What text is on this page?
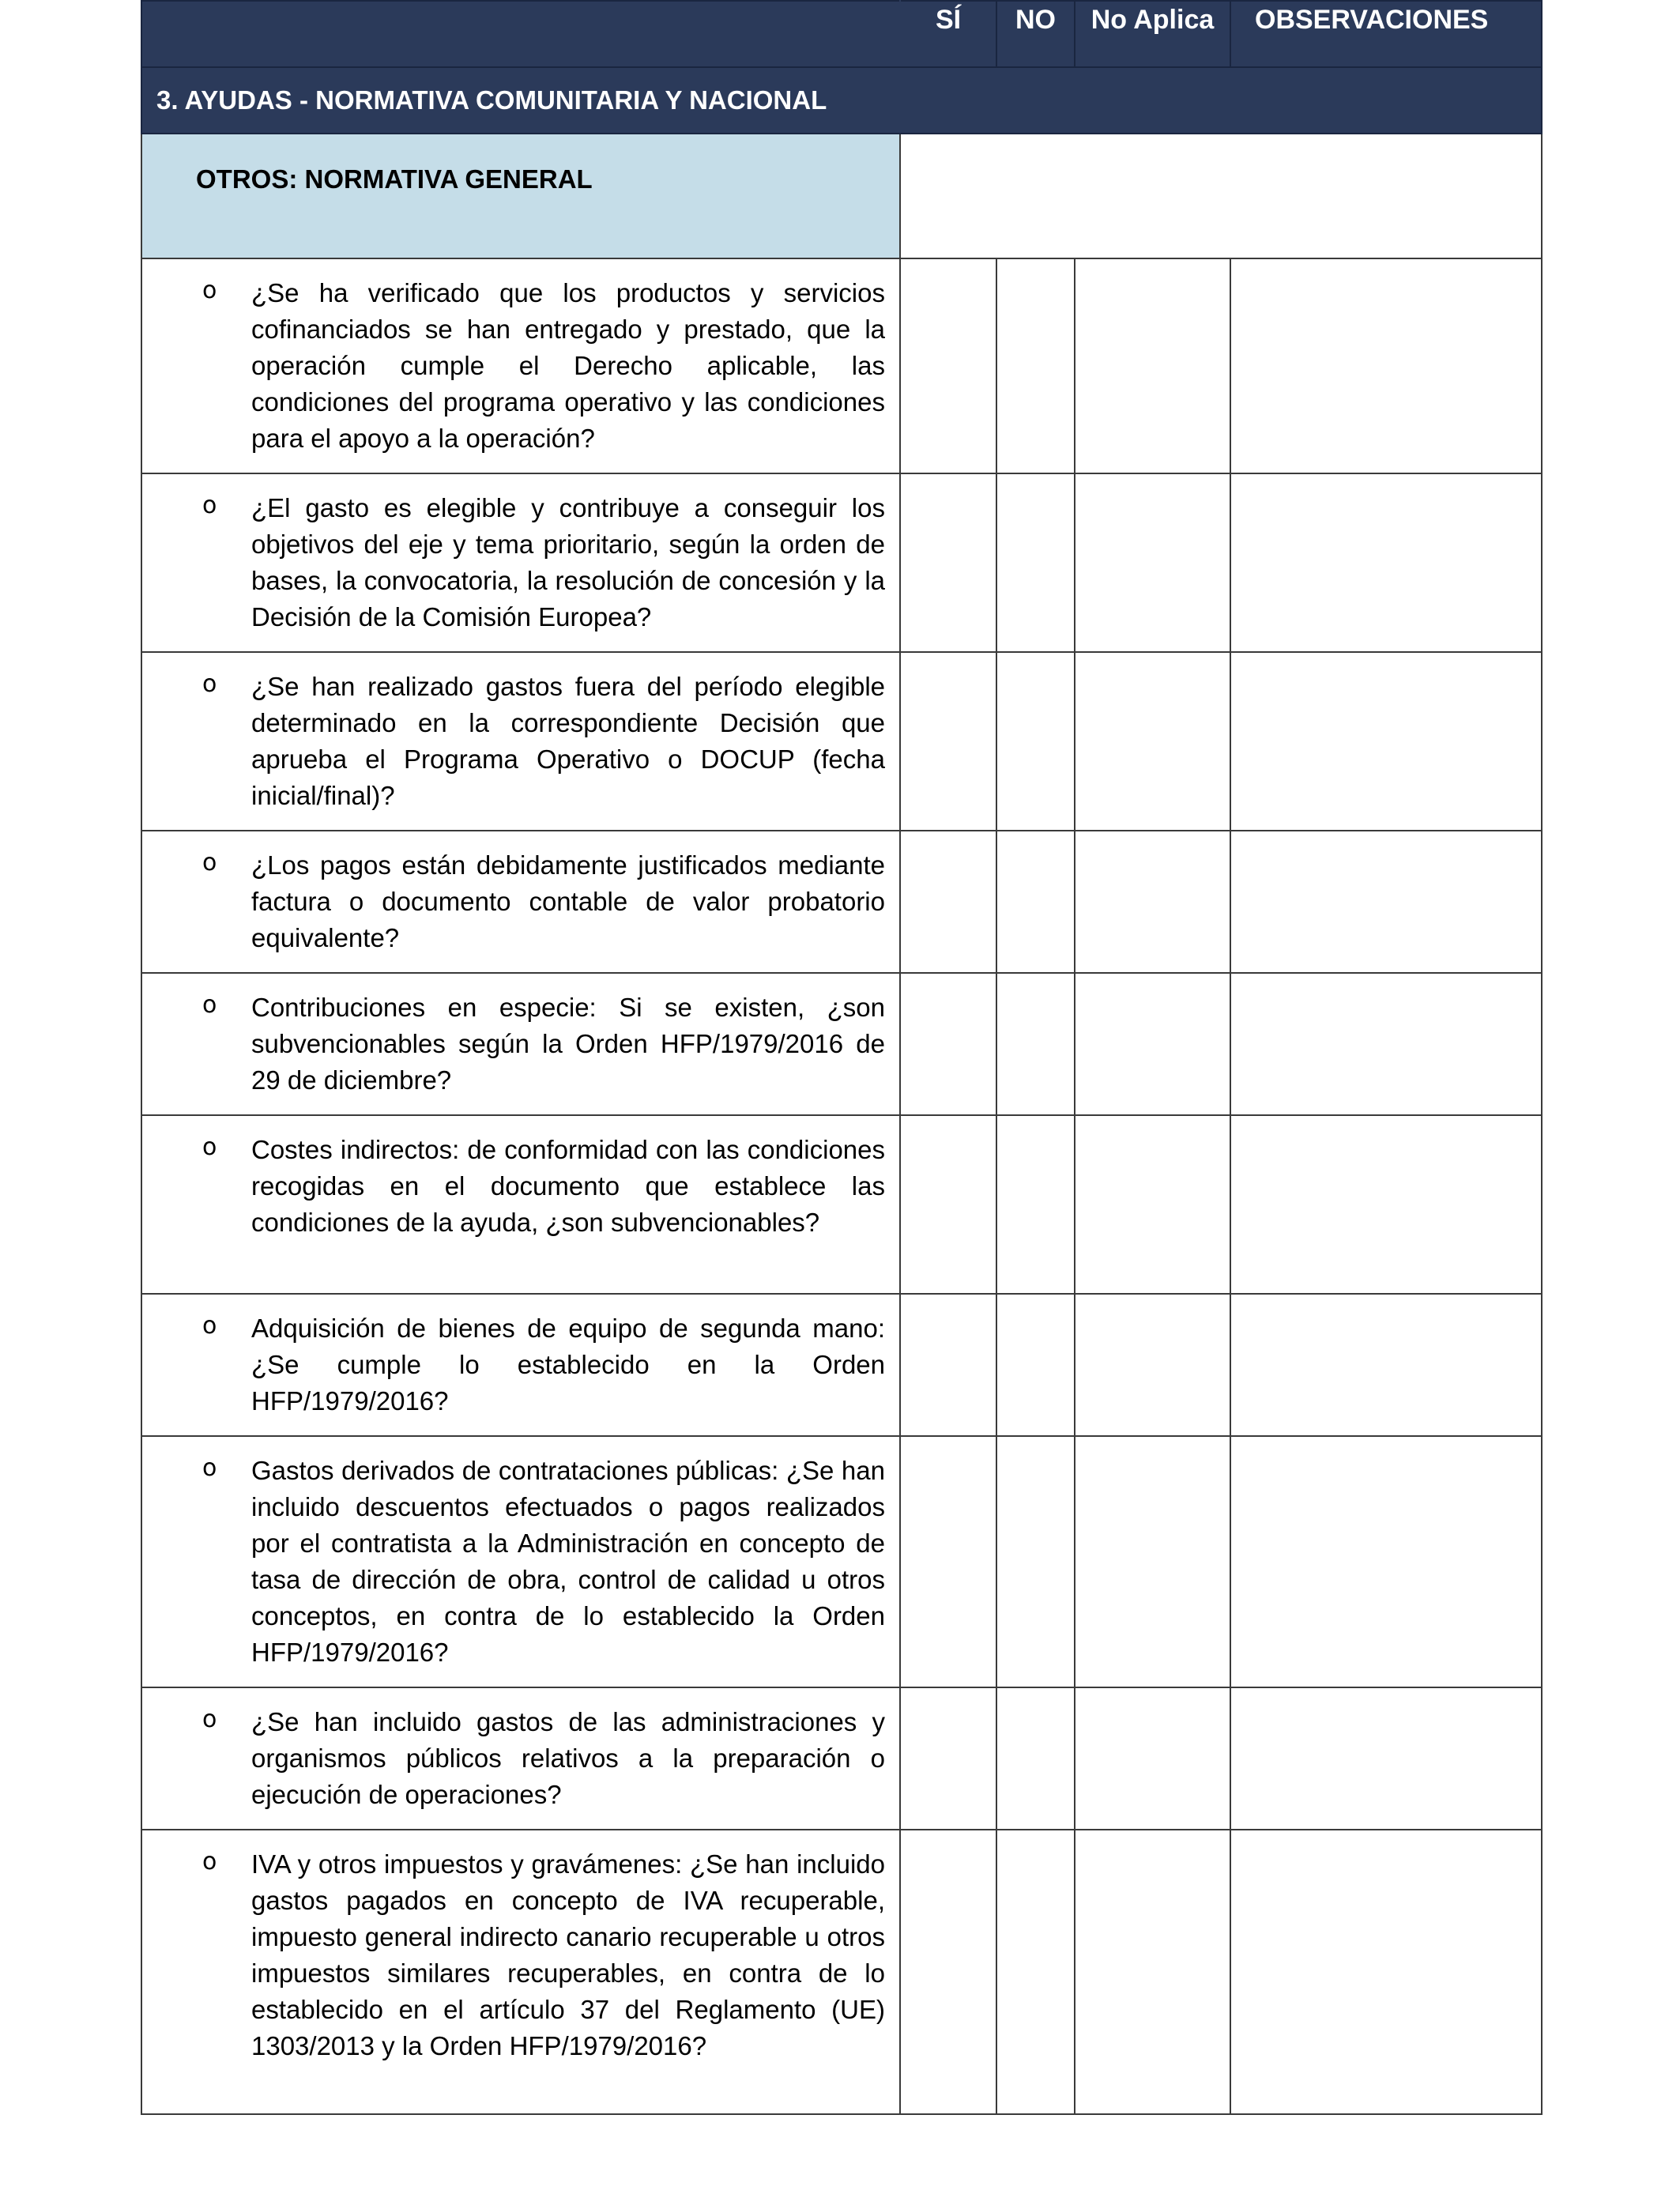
	SÍ	NO	No Aplica	OBSERVACIONES

3. AYUDAS - NORMATIVA COMUNITARIA Y NACIONAL				

OTROS: NORMATIVA GENERAL				

o ¿Se ha verificado que los productos y servicios cofinanciados se han entregado y prestado, que la operación cumple el Derecho aplicable, las condiciones del programa operativo y las condiciones para el apoyo a la operación?				

o ¿El gasto es elegible y contribuye a conseguir los objetivos del eje y tema prioritario, según la orden de bases, la convocatoria, la resolución de concesión y la Decisión de la Comisión Europea?				

o ¿Se han realizado gastos fuera del período elegible determinado en la correspondiente Decisión que aprueba el Programa Operativo o DOCUP (fecha inicial/final)?				

o ¿Los pagos están debidamente justificados mediante factura o documento contable de valor probatorio equivalente?				

o Contribuciones en especie: Si se existen, ¿son subvencionables según la Orden HFP/1979/2016 de 29 de diciembre?				

o Costes indirectos: de conformidad con las condiciones recogidas en el documento que establece las condiciones de la ayuda, ¿son subvencionables?				

o Adquisición de bienes de equipo de segunda mano: ¿Se cumple lo establecido en la Orden HFP/1979/2016?				

o Gastos derivados de contrataciones públicas: ¿Se han incluido descuentos efectuados o pagos realizados por el contratista a la Administración en concepto de tasa de dirección de obra, control de calidad u otros conceptos, en contra de lo establecido la Orden HFP/1979/2016?				

o ¿Se han incluido gastos de las administraciones y organismos públicos relativos a la preparación o ejecución de operaciones?				

o IVA y otros impuestos y gravámenes: ¿Se han incluido gastos pagados en concepto de IVA recuperable, impuesto general indirecto canario recuperable u otros impuestos similares recuperables, en contra de lo establecido en el artículo 37 del Reglamento (UE) 1303/2013 y la Orden HFP/1979/2016?				
